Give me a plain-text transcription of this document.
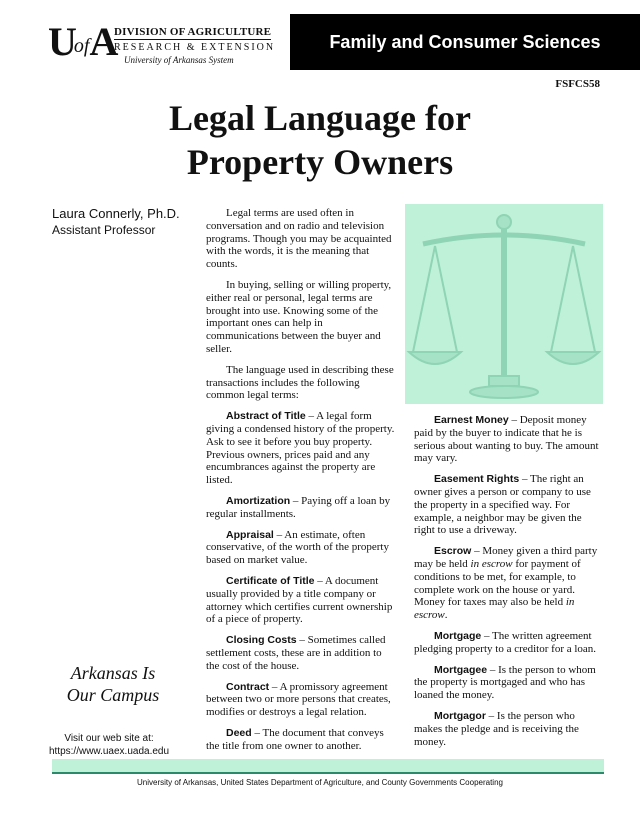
UofA
DIVISION OF AGRICULTURE
RESEARCH & EXTENSION
University of Arkansas System
Family and Consumer Sciences
FSFCS58
Legal Language for
Property Owners
Laura Connerly, Ph.D.
Assistant Professor

Legal terms are used often in conversation and on radio and television programs. Though you may be acquainted with the words, it is the meaning that counts.

In buying, selling or willing property, either real or personal, legal terms are brought into use. Knowing some of the important ones can help in communications between the buyer and seller.

The language used in describing these transactions includes the following common legal terms:

Abstract of Title – A legal form giving a condensed history of the property. Ask to see it before you buy property. Previous owners, prices paid and any encumbrances against the property are listed.

Amortization – Paying off a loan by regular installments.

Appraisal – An estimate, often conservative, of the worth of the property based on market value.

Certificate of Title – A document usually provided by a title company or attorney which certifies current ownership of a piece of property.

Closing Costs – Sometimes called settlement costs, these are in addition to the cost of the house.

Contract – A promissory agreement between two or more persons that creates, modifies or destroys a legal relation.

Deed – The document that conveys the title from one owner to another.

Earnest Money – Deposit money paid by the buyer to indicate that he is serious about wanting to buy. The amount may vary.

Easement Rights – The right an owner gives a person or company to use the property in a specified way. For example, a neighbor may be given the right to use a driveway.

Escrow – Money given a third party may be held in escrow for payment of conditions to be met, for example, to complete work on the house or yard. Money for taxes may also be held in escrow.

Mortgage – The written agreement pledging property to a creditor for a loan.

Mortgagee – Is the person to whom the property is mortgaged and who has loaned the money.

Mortgagor – Is the person who makes the pledge and is receiving the money.

Arkansas Is
Our Campus
Visit our web site at:
https://www.uaex.uada.edu
University of Arkansas, United States Department of Agriculture, and County Governments Cooperating
